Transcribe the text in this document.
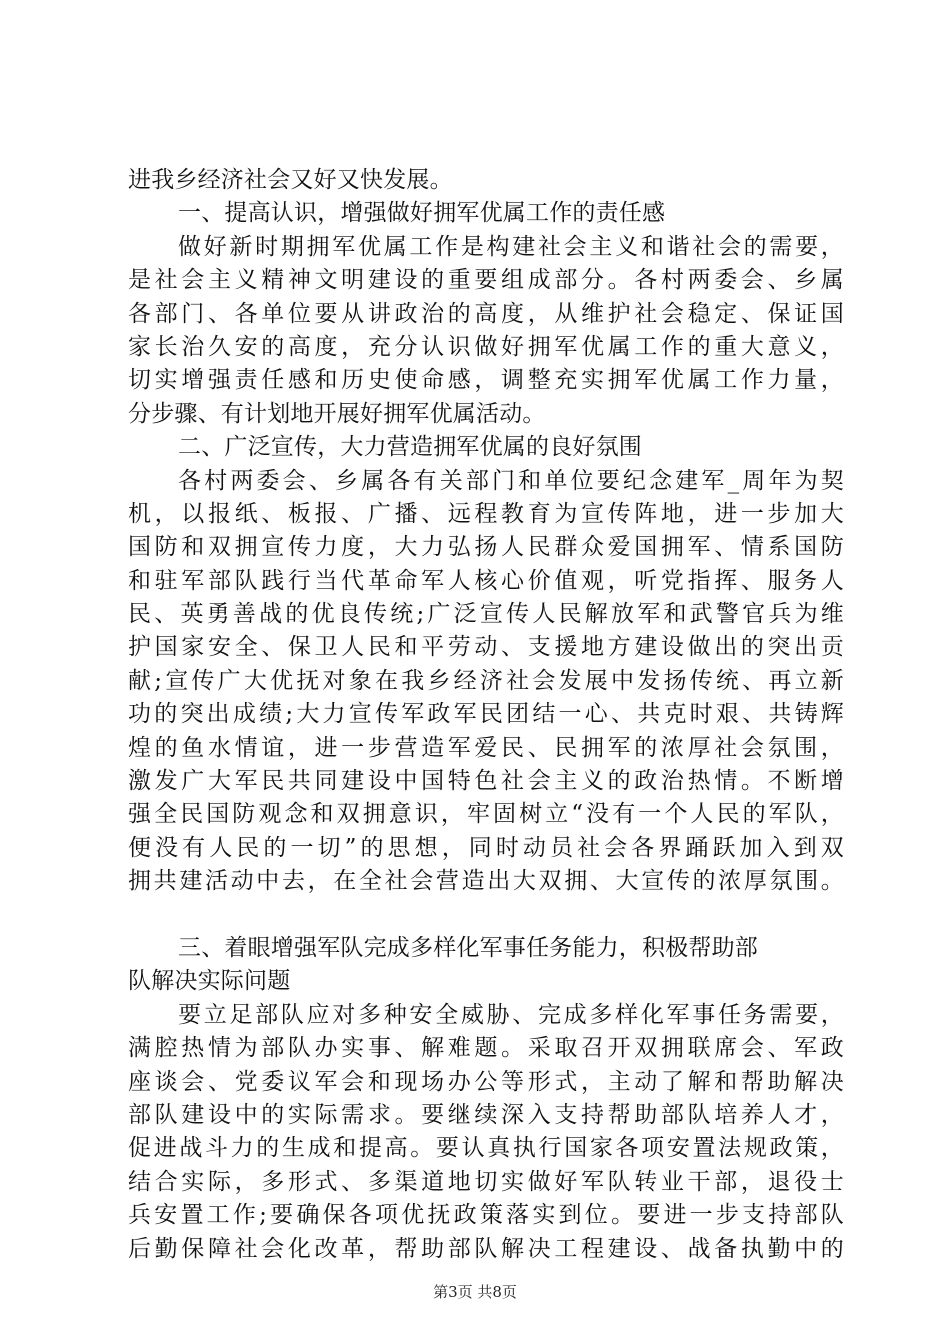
进我乡经济社会又好又快发展。
一、提高认识，增强做好拥军优属工作的责任感
做好新时期拥军优属工作是构建社会主义和谐社会的需要，
是社会主义精神文明建设的重要组成部分。各村两委会、乡属
各部门、各单位要从讲政治的高度，从维护社会稳定、保证国
家长治久安的高度，充分认识做好拥军优属工作的重大意义，
切实增强责任感和历史使命感，调整充实拥军优属工作力量，
分步骤、有计划地开展好拥军优属活动。
二、广泛宣传，大力营造拥军优属的良好氛围
各村两委会、乡属各有关部门和单位要纪念建军_周年为契
机，以报纸、板报、广播、远程教育为宣传阵地，进一步加大
国防和双拥宣传力度，大力弘扬人民群众爱国拥军、情系国防
和驻军部队践行当代革命军人核心价值观，听党指挥、服务人
民、英勇善战的优良传统;广泛宣传人民解放军和武警官兵为维
护国家安全、保卫人民和平劳动、支援地方建设做出的突出贡
献;宣传广大优抚对象在我乡经济社会发展中发扬传统、再立新
功的突出成绩;大力宣传军政军民团结一心、共克时艰、共铸辉
煌的鱼水情谊，进一步营造军爱民、民拥军的浓厚社会氛围，
激发广大军民共同建设中国特色社会主义的政治热情。不断增
强全民国防观念和双拥意识，牢固树立“没有一个人民的军队，
便没有人民的一切”的思想，同时动员社会各界踊跃加入到双
拥共建活动中去，在全社会营造出大双拥、大宣传的浓厚氛围。
三、着眼增强军队完成多样化军事任务能力，积极帮助部
队解决实际问题
要立足部队应对多种安全威胁、完成多样化军事任务需要，
满腔热情为部队办实事、解难题。采取召开双拥联席会、军政
座谈会、党委议军会和现场办公等形式，主动了解和帮助解决
部队建设中的实际需求。要继续深入支持帮助部队培养人才，
促进战斗力的生成和提高。要认真执行国家各项安置法规政策，
结合实际，多形式、多渠道地切实做好军队转业干部，退役士
兵安置工作;要确保各项优抚政策落实到位。要进一步支持部队
后勤保障社会化改革，帮助部队解决工程建设、战备执勤中的
第3页 共8页
